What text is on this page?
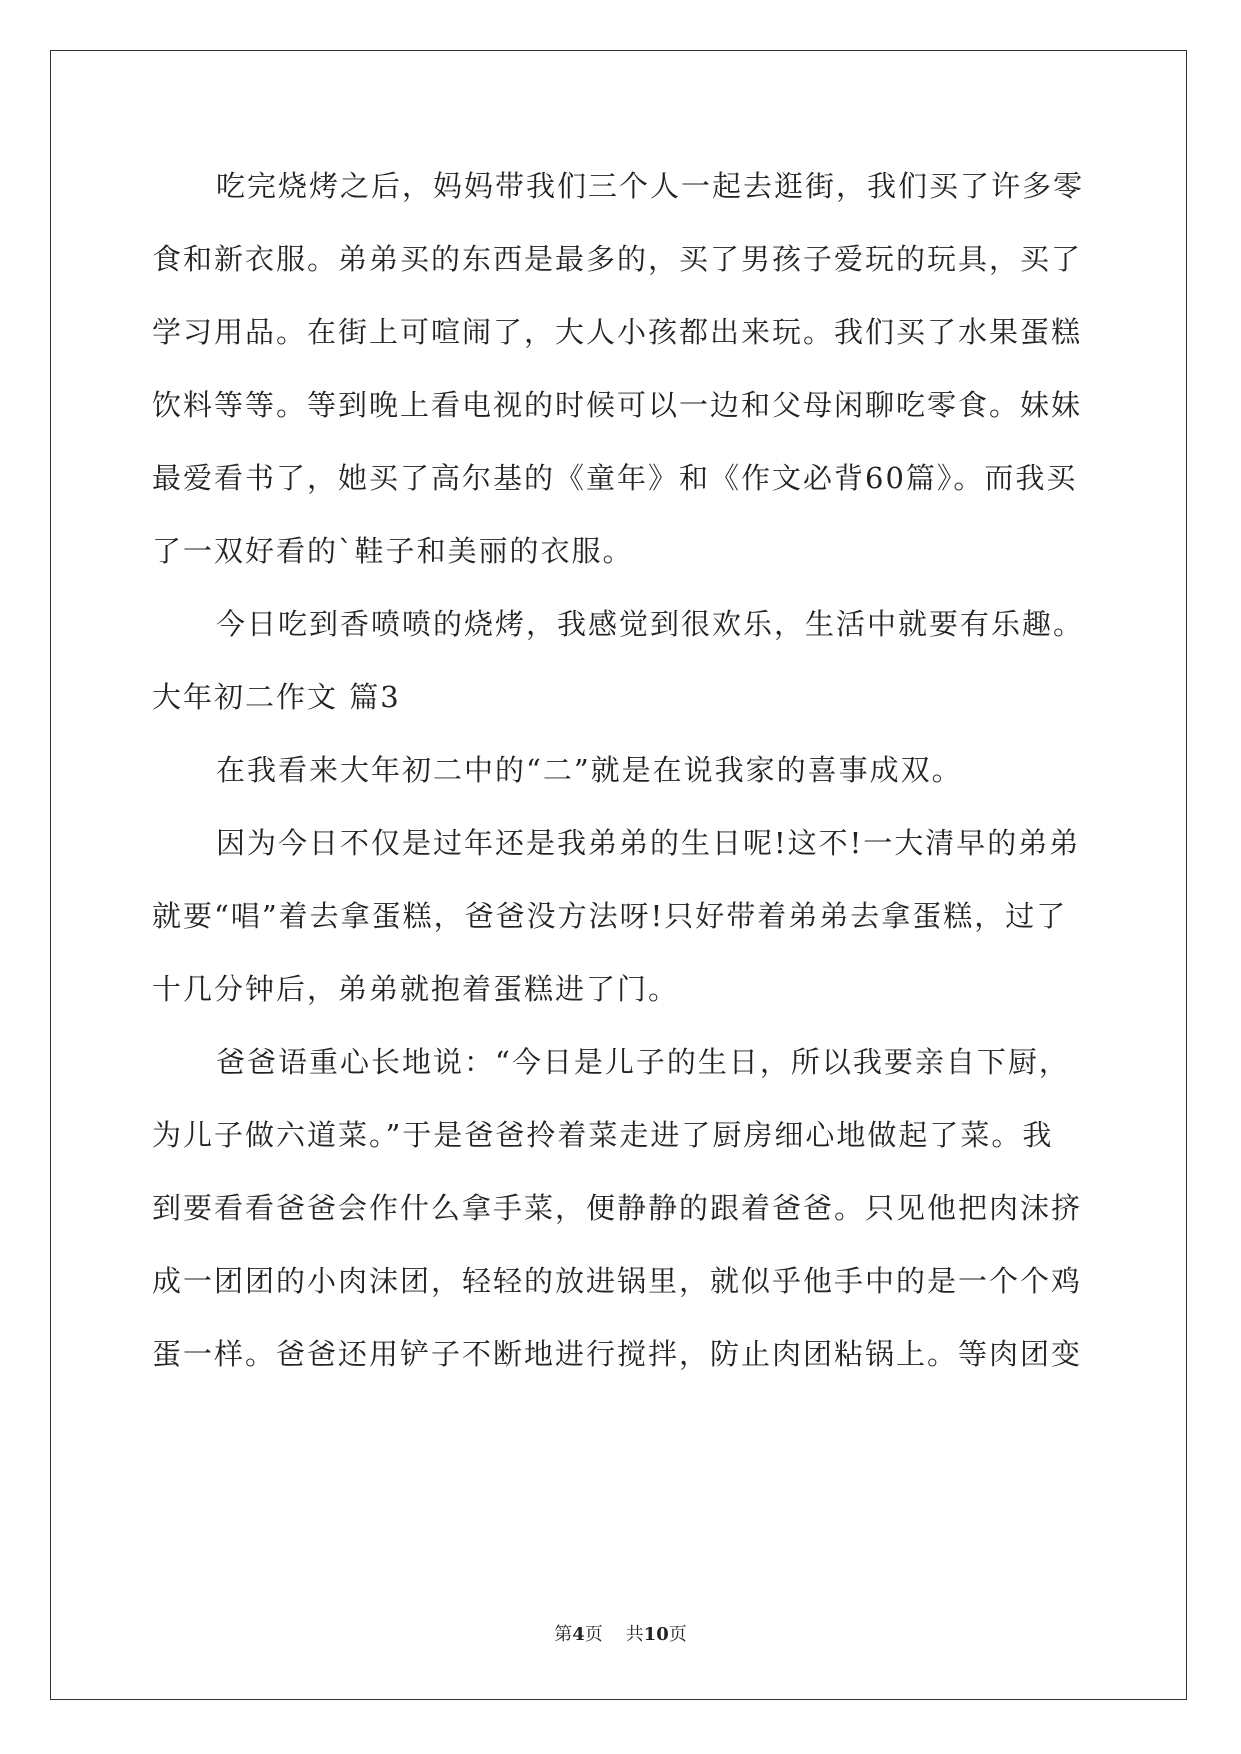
吃完烧烤之后，妈妈带我们三个人一起去逛街，我们买了许多零
食和新衣服。弟弟买的东西是最多的，买了男孩子爱玩的玩具，买了
学习用品。在街上可喧闹了，大人小孩都出来玩。我们买了水果蛋糕
饮料等等。等到晚上看电视的时候可以一边和父母闲聊吃零食。妹妹
最爱看书了，她买了高尔基的《童年》和《作文必背60篇》。而我买
了一双好看的`鞋子和美丽的衣服。
今日吃到香喷喷的烧烤，我感觉到很欢乐，生活中就要有乐趣。
大年初二作文 篇3
在我看来大年初二中的“二”就是在说我家的喜事成双。
因为今日不仅是过年还是我弟弟的生日呢!这不!一大清早的弟弟
就要“唱”着去拿蛋糕，爸爸没方法呀!只好带着弟弟去拿蛋糕，过了
十几分钟后，弟弟就抱着蛋糕进了门。
爸爸语重心长地说：“今日是儿子的生日，所以我要亲自下厨，
为儿子做六道菜。”于是爸爸拎着菜走进了厨房细心地做起了菜。我
到要看看爸爸会作什么拿手菜，便静静的跟着爸爸。只见他把肉沫挤
成一团团的小肉沫团，轻轻的放进锅里，就似乎他手中的是一个个鸡
蛋一样。爸爸还用铲子不断地进行搅拌，防止肉团粘锅上。等肉团变
第4页 共10页
